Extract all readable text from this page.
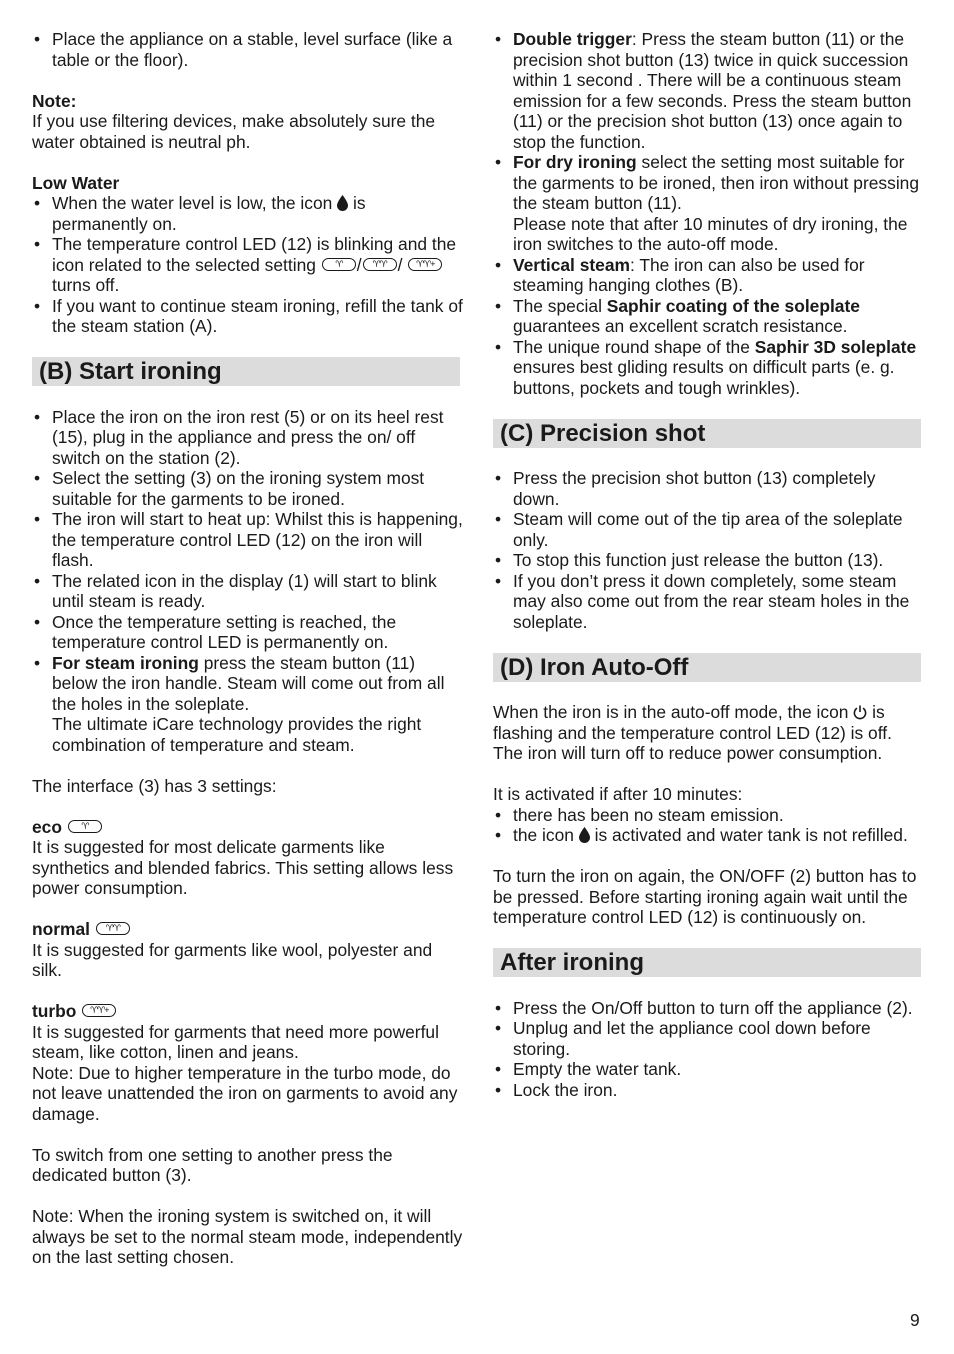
• Place the appliance on a stable, level surface (like a table or the floor).

Note:

If you use filtering devices, make absolutely sure the water obtained is neutral ph.

Low Water

• When the water level is low, the icon is permanently on.
• The temperature control LED (12) is blinking and the icon related to the selected setting	♈ /	♈♈ / ♈♈+
turns off.
• If you want to continue steam ironing, refill the tank of the steam station (A).
(B) Start ironing
• Place the iron on the iron rest (5) or on its heel rest (15), plug in the appliance and press the on/ off switch on the station (2).
• Select the setting (3) on the ironing system most suitable for the garments to be ironed.
• The iron will start to heat up: Whilst this is happening, the temperature control LED (12) on the iron will flash.
• The related icon in the display (1) will start to blink until steam is ready.
• Once the temperature setting is reached, the temperature control LED is permanently on.
• For steam ironing press the steam button (11) below the iron handle. Steam will come out from all the holes in the soleplate.
The ultimate iCare technology provides the right combination of temperature and steam.

The interface (3) has 3 settings:

eco	♈

It is suggested for most delicate garments like synthetics and blended fabrics. This setting allows less power consumption.

normal	♈♈

It is suggested for garments like wool, polyester and silk.

turbo	♈♈+

It is suggested for garments that need more powerful steam, like cotton, linen and jeans.

Note: Due to higher temperature in the turbo mode, do not leave unattended the iron on garments to avoid any damage.

To switch from one setting to another press the dedicated button (3).

Note: When the ironing system is switched on, it will always be set to the normal steam mode, independently on the last setting chosen.

• Double trigger: Press the steam button (11) or the precision shot button (13) twice in quick succession within 1 second . There will be a continuous steam emission for a few seconds. Press the steam button (11) or the precision shot button (13) once again to stop the function.
• For dry ironing select the setting most suitable for the garments to be ironed, then iron without pressing the steam button (11).
Please note that after 10 minutes of dry ironing, the iron switches to the auto-off mode.
• Vertical steam: The iron can also be used for steaming hanging clothes (B).
• The special Saphir coating of the soleplate guarantees an excellent scratch resistance.
• The unique round shape of the Saphir 3D soleplate ensures best gliding results on difficult parts (e. g. buttons, pockets and tough wrinkles).
(C) Precision shot
• Press the precision shot button (13) completely down.
• Steam will come out of the tip area of the soleplate only.
• To stop this function just release the button (13).
• If you don’t press it down completely, some steam may also come out from the rear steam holes in the soleplate.
(D) Iron Auto-Off

When the iron is in the auto-off mode, the icon is flashing and the temperature control LED (12) is off. The iron will turn off to reduce power consumption.

It is activated if after 10 minutes:

• there has been no steam emission.
• the icon is activated and water tank is not refilled.

To turn the iron on again, the ON/OFF (2) button has to be pressed. Before starting ironing again wait until the temperature control LED (12) is continuously on.

After ironing
• Press the On/Off button to turn off the appliance (2).
• Unplug and let the appliance cool down before storing.
• Empty the water tank.
• Lock the iron.
9
